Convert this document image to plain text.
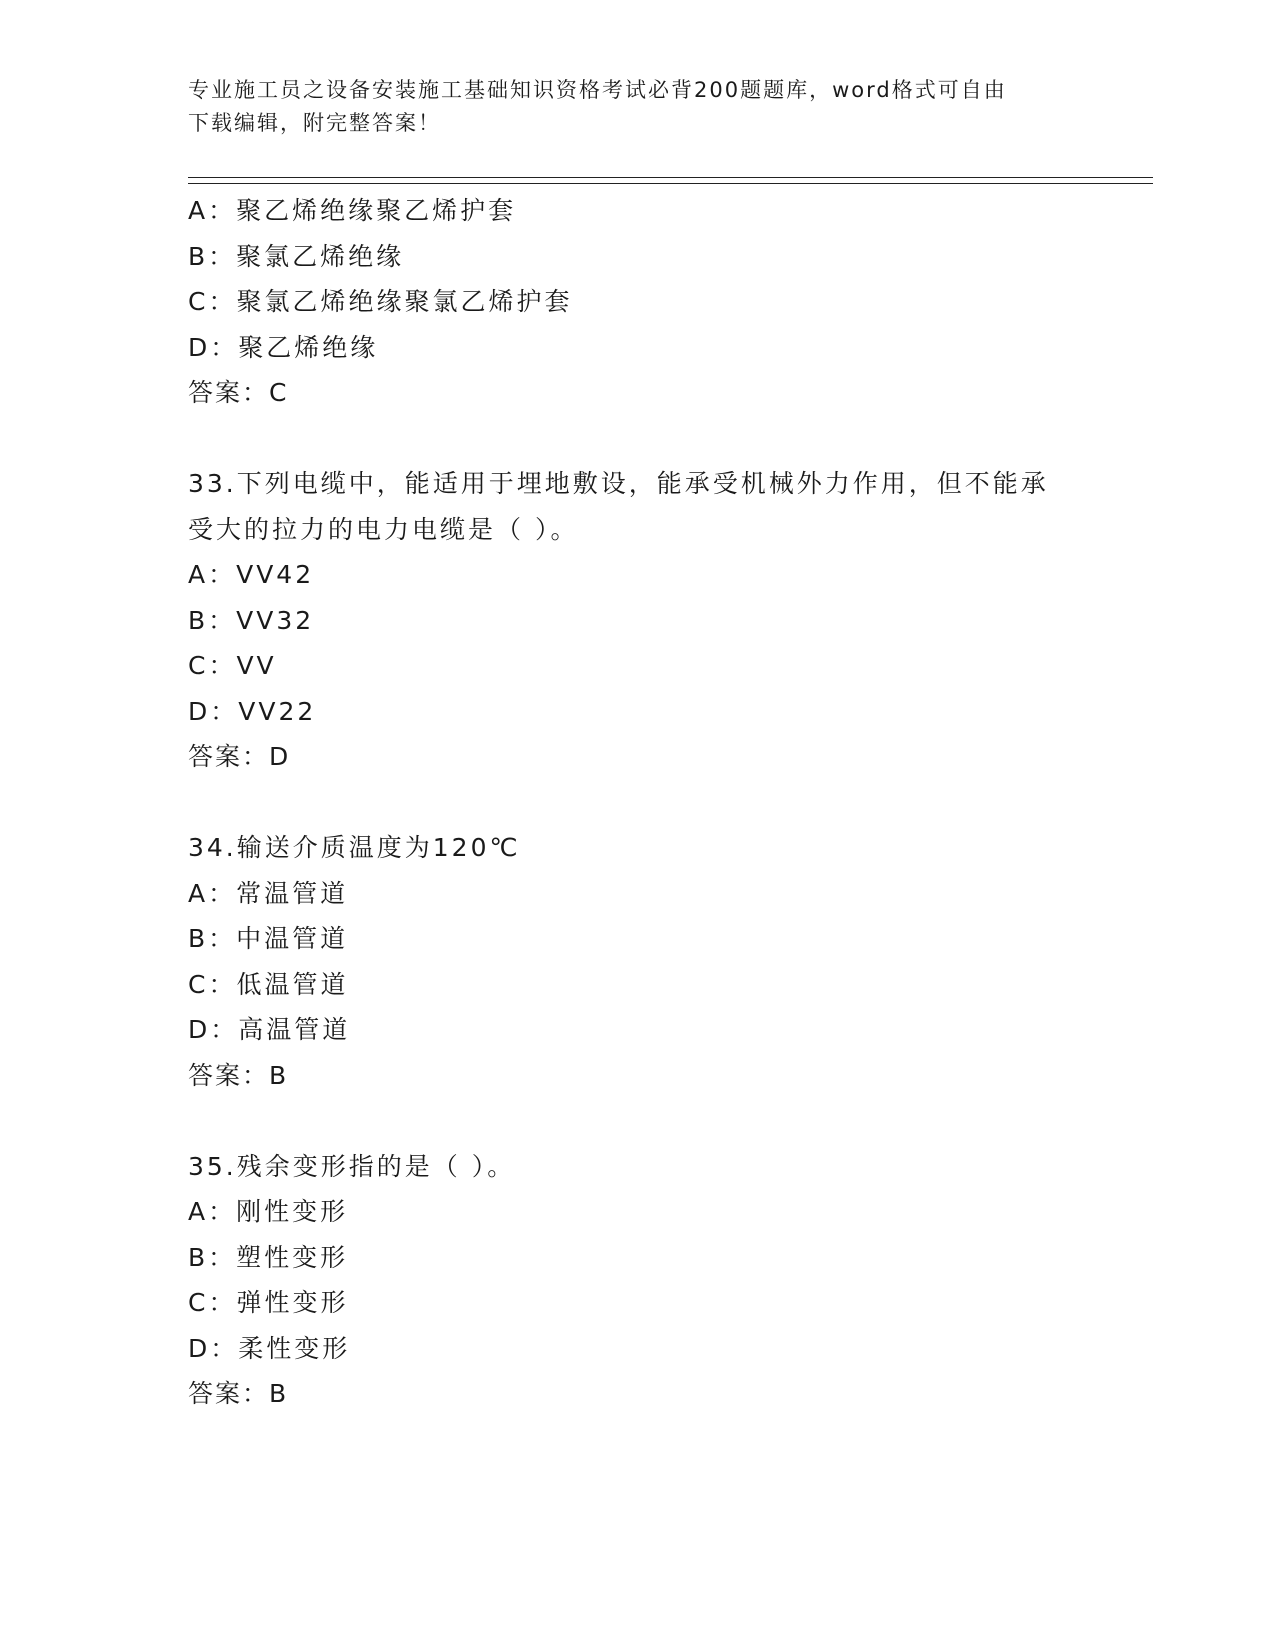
专业施工员之设备安装施工基础知识资格考试必背200题题库，word格式可自由
下载编辑，附完整答案！
A：聚乙烯绝缘聚乙烯护套
B：聚氯乙烯绝缘
C：聚氯乙烯绝缘聚氯乙烯护套
D：聚乙烯绝缘
答案：C
33.下列电缆中，能适用于埋地敷设，能承受机械外力作用，但不能承
受大的拉力的电力电缆是（ ）。
A：VV42
B：VV32
C：VV
D：VV22
答案：D
34.输送介质温度为120℃
A：常温管道
B：中温管道
C：低温管道
D：高温管道
答案：B
35.残余变形指的是（ ）。
A：刚性变形
B：塑性变形
C：弹性变形
D：柔性变形
答案：B
